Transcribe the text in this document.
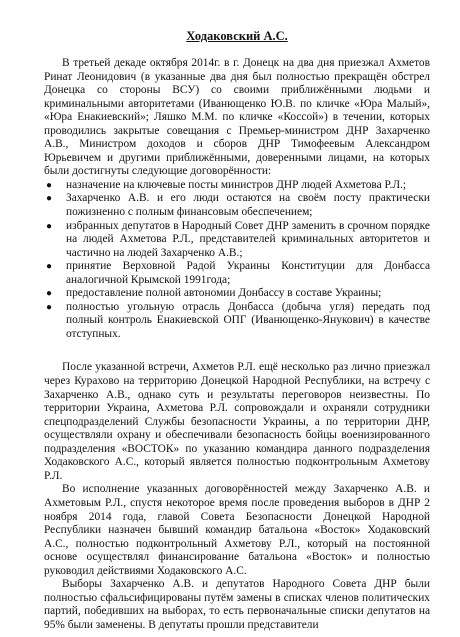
Ходаковский А.С.

В третьей декаде октября 2014г. в г. Донецк на два дня приезжал Ахметов Ринат Леонидович (в указанные два дня был полностью прекращён обстрел Донецка со стороны ВСУ) со своими приближёнными людьми и криминальными авторитетами (Иванющенко Ю.В. по кличке «Юра Малый», «Юра Енакиевский»; Ляшко М.М. по кличке «Коссой») в течении, которых проводились закрытые совещания с Премьер-министром ДНР Захарченко А.В., Министром доходов и сборов ДНР Тимофеевым Александром Юрьевичем и другими приближёнными, доверенными лицами, на которых были достигнуты следующие договорённости:

● назначение на ключевые посты министров ДНР людей Ахметова Р.Л.;
● Захарченко А.В. и его люди остаются на своём посту практически пожизненно с полным финансовым обеспечением;
● избранных депутатов в Народный Совет ДНР заменить в срочном порядке на людей Ахметова Р.Л., представителей криминальных авторитетов и частично на людей Захарченко А.В.;
● принятие Верховной Радой Украины Конституции для Донбасса аналогичной Крымской 1991года;
● предоставление полной автономии Донбассу в составе Украины;
● полностью угольную отрасль Донбасса (добыча угля) передать под полный контроль Енакиевской ОПГ (Иванющенко-Янукович) в качестве отступных.

После указанной встречи, Ахметов Р.Л. ещё несколько раз лично приезжал через Курахово на территорию Донецкой Народной Республики, на встречу с Захарченко А.В., однако суть и результаты переговоров неизвестны. По территории Украина, Ахметова Р.Л. сопровождали и охраняли сотрудники спецподразделений Службы безопасности Украины, а по территории ДНР, осуществляли охрану и обеспечивали безопасность бойцы военизированного подразделения «ВОСТОК» по указанию командира данного подразделения Ходаковского А.С., который является полностью подконтрольным Ахметову Р.Л.

Во исполнение указанных договорённостей между Захарченко А.В. и Ахметовым Р.Л., спустя некоторое время после проведения выборов в ДНР 2 ноября 2014 года, главой Совета Безопасности Донецкой Народной Республики назначен бывший командир батальона «Восток» Ходаковский А.С., полностью подконтрольный Ахметову Р.Л., который на постоянной основе осуществлял финансирование батальона «Восток» и полностью руководил действиями Ходаковского А.С.

Выборы Захарченко А.В. и депутатов Народного Совета ДНР были полностью сфальсифицированы путём замены в списках членов политических партий, победивших на выборах, то есть первоначальные списки депутатов на 95% были заменены. В депутаты прошли представители
